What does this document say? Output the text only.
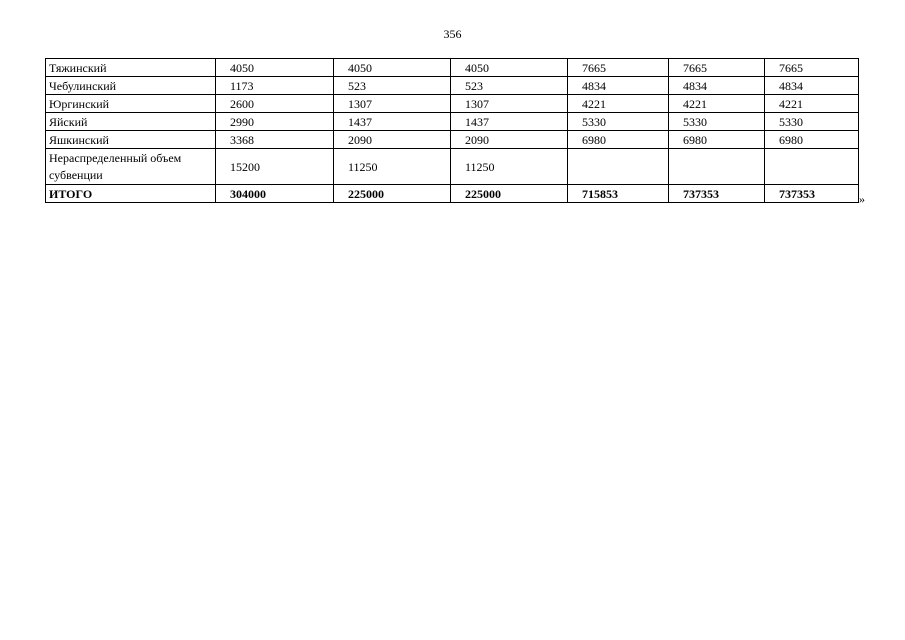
356
Тяжинский	4050	4050	4050	7665	7665	7665
Чебулинский	1173	523	523	4834	4834	4834
Юргинский	2600	1307	1307	4221	4221	4221
Яйский	2990	1437	1437	5330	5330	5330
Яшкинский	3368	2090	2090	6980	6980	6980
Нераспределенный объем субвенции	15200	11250	11250			
ИТОГО	304000	225000	225000	715853	737353	737353	»
